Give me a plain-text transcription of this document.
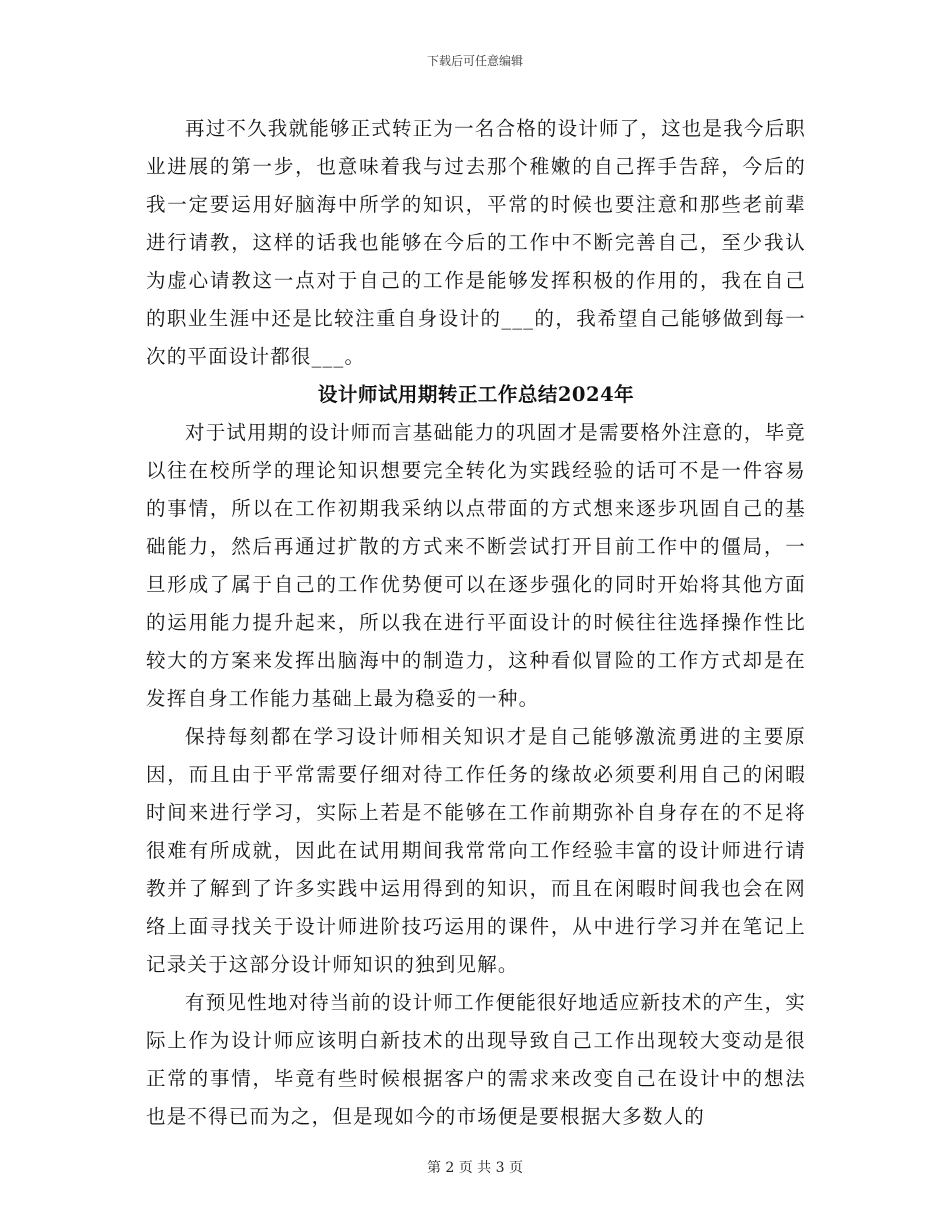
下载后可任意编辑

再过不久我就能够正式转正为一名合格的设计师了，这也是我今后职业进展的第一步，也意味着我与过去那个稚嫩的自己挥手告辞，今后的我一定要运用好脑海中所学的知识，平常的时候也要注意和那些老前辈进行请教，这样的话我也能够在今后的工作中不断完善自己，至少我认为虚心请教这一点对于自己的工作是能够发挥积极的作用的，我在自己的职业生涯中还是比较注重自身设计的___的，我希望自己能够做到每一次的平面设计都很___。

设计师试用期转正工作总结2024年

对于试用期的设计师而言基础能力的巩固才是需要格外注意的，毕竟以往在校所学的理论知识想要完全转化为实践经验的话可不是一件容易的事情，所以在工作初期我采纳以点带面的方式想来逐步巩固自己的基础能力，然后再通过扩散的方式来不断尝试打开目前工作中的僵局，一旦形成了属于自己的工作优势便可以在逐步强化的同时开始将其他方面的运用能力提升起来，所以我在进行平面设计的时候往往选择操作性比较大的方案来发挥出脑海中的制造力，这种看似冒险的工作方式却是在发挥自身工作能力基础上最为稳妥的一种。

保持每刻都在学习设计师相关知识才是自己能够激流勇进的主要原因，而且由于平常需要仔细对待工作任务的缘故必须要利用自己的闲暇时间来进行学习，实际上若是不能够在工作前期弥补自身存在的不足将很难有所成就，因此在试用期间我常常向工作经验丰富的设计师进行请教并了解到了许多实践中运用得到的知识，而且在闲暇时间我也会在网络上面寻找关于设计师进阶技巧运用的课件，从中进行学习并在笔记上记录关于这部分设计师知识的独到见解。

有预见性地对待当前的设计师工作便能很好地适应新技术的产生，实际上作为设计师应该明白新技术的出现导致自己工作出现较大变动是很正常的事情，毕竟有些时候根据客户的需求来改变自己在设计中的想法也是不得已而为之，但是现如今的市场便是要根据大多数人的

第 2 页 共 3 页
